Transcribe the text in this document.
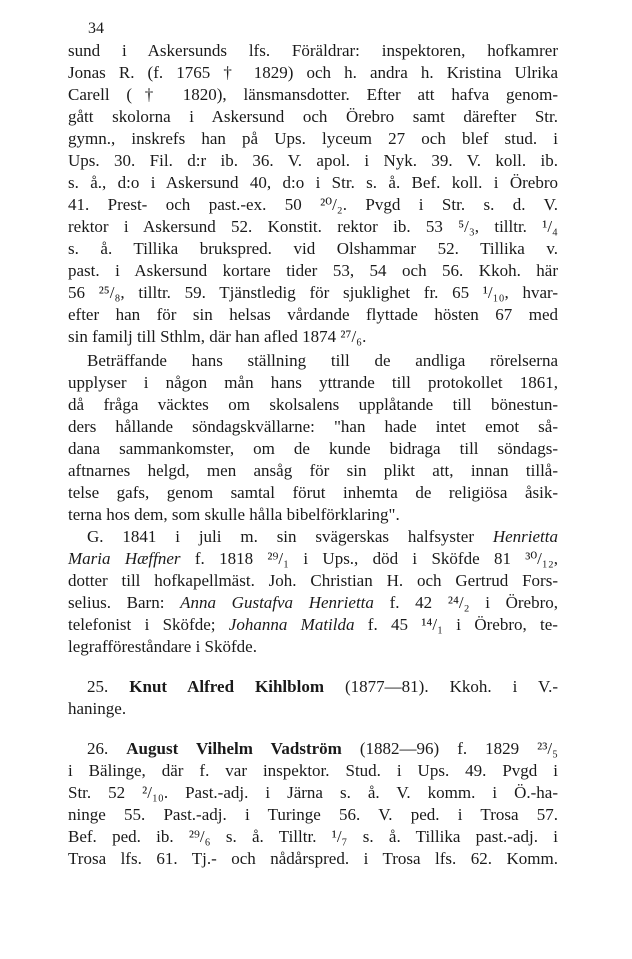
34
sund i Askersunds lfs. Föräldrar: inspektoren, hofkamrer
Jonas R. (f. 1765 † 1829) och h. andra h. Kristina Ulrika
Carell († 1820), länsmansdotter. Efter att hafva genom-
gått skolorna i Askersund och Örebro samt därefter Str.
gymn., inskrefs han på Ups. lyceum 27 och blef stud. i
Ups. 30. Fil. d:r ib. 36. V. apol. i Nyk. 39. V. koll. ib.
s. å., d:o i Askersund 40, d:o i Str. s. å. Bef. koll. i Örebro
41. Prest- och past.-ex. 50 ²⁰/₂. Pvgd i Str. s. d. V.
rektor i Askersund 52. Konstit. rektor ib. 53 ⁵/₃, tilltr. ¹/₄
s. å. Tillika brukspred. vid Olshammar 52. Tillika v.
past. i Askersund kortare tider 53, 54 och 56. Kkoh. här
56 ²⁵/₈, tilltr. 59. Tjänstledig för sjuklighet fr. 65 ¹/₁₀, hvar-
efter han för sin helsas vårdande flyttade hösten 67 med
sin familj till Sthlm, där han afled 1874 ²⁷/₆.
Beträffande hans ställning till de andliga rörelserna
upplyser i någon mån hans yttrande till protokollet 1861,
då fråga väcktes om skolsalens upplåtande till bönestun-
ders hållande söndagskvällarne: "han hade intet emot så-
dana sammankomster, om de kunde bidraga till söndags-
aftnarnes helgd, men ansåg för sin plikt att, innan tillå-
telse gafs, genom samtal förut inhemta de religiösa åsik-
terna hos dem, som skulle hålla bibelförklaring".
G. 1841 i juli m. sin svägerskas halfsyster Henrietta
Maria Hæffner f. 1818 ²⁹/₁ i Ups., död i Sköfde 81 ³⁰/₁₂,
dotter till hofkapellmäst. Joh. Christian H. och Gertrud Fors-
selius. Barn: Anna Gustafva Henrietta f. 42 ²⁴/₂ i Örebro,
telefonist i Sköfde; Johanna Matilda f. 45 ¹⁴/₁ i Örebro, te-
legrafföreståndare i Sköfde.
25. Knut Alfred Kihlblom (1877—81). Kkoh. i V.-
haninge.
26. August Vilhelm Vadström (1882—96) f. 1829 ²³/₅
i Bälinge, där f. var inspektor. Stud. i Ups. 49. Pvgd i
Str. 52 ²/₁₀. Past.-adj. i Järna s. å. V. komm. i Ö.-ha-
ninge 55. Past.-adj. i Turinge 56. V. ped. i Trosa 57.
Bef. ped. ib. ²⁹/₆ s. å. Tilltr. ¹/₇ s. å. Tillika past.-adj. i
Trosa lfs. 61. Tj.- och nådårspred. i Trosa lfs. 62. Komm.
